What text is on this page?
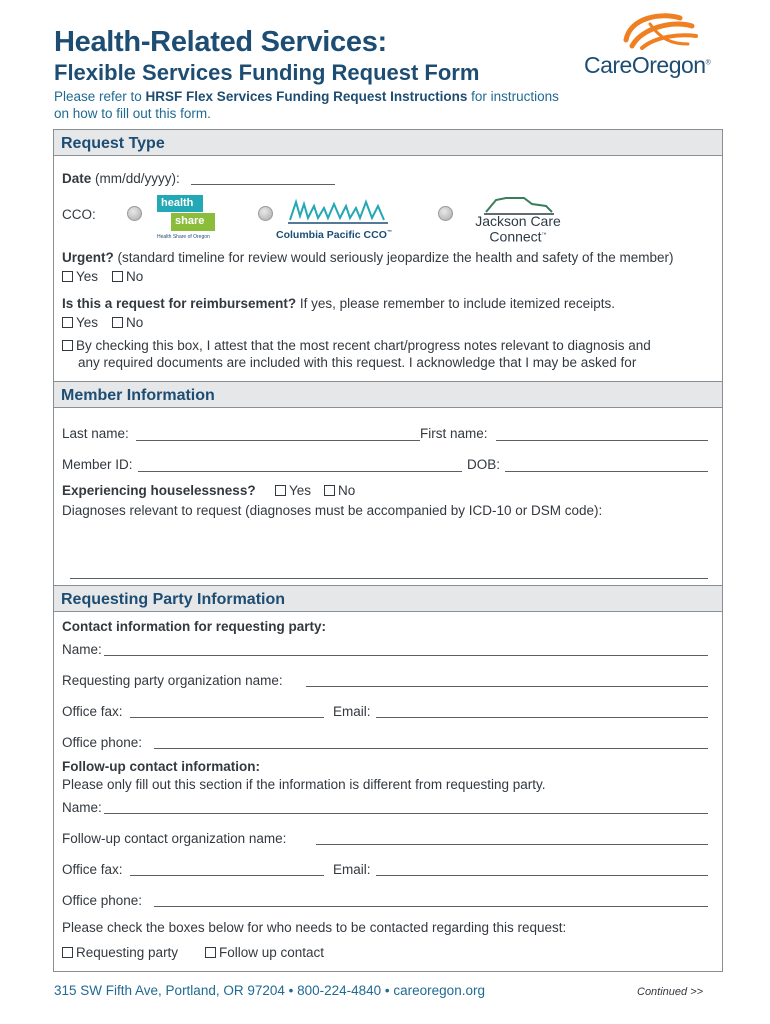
Health-Related Services:
Flexible Services Funding Request Form
Please refer to HRSF Flex Services Funding Request Instructions for instructions
on how to fill out this form.
CareOregon®
Request Type
Date (mm/dd/yyyy):
CCO:
health
share
Health Share of Oregon	Columbia Pacific CCO™
Jackson Care
Connect™
Urgent? (standard timeline for review would seriously jeopardize the health and safety of the member)
Yes	No
Is this a request for reimbursement? If yes, please remember to include itemized receipts.
Yes	No
By checking this box, I attest that the most recent chart/progress notes relevant to diagnosis and
any required documents are included with this request. I acknowledge that I may be asked for
Member Information
Last name:	First name:
Member ID:	DOB:
Experiencing houselessness?	Yes	No
Diagnoses relevant to request (diagnoses must be accompanied by ICD-10 or DSM code):
Requesting Party Information
Contact information for requesting party:
Name:
Requesting party organization name:
Office fax:	Email:
Office phone:
Follow-up contact information:
Please only fill out this section if the information is different from requesting party.
Name:
Follow-up contact organization name:
Office fax:	Email:
Office phone:
Please check the boxes below for who needs to be contacted regarding this request:
Requesting party	Follow up contact
315 SW Fifth Ave, Portland, OR 97204 • 800-224-4840 • careoregon.org	Continued >>
